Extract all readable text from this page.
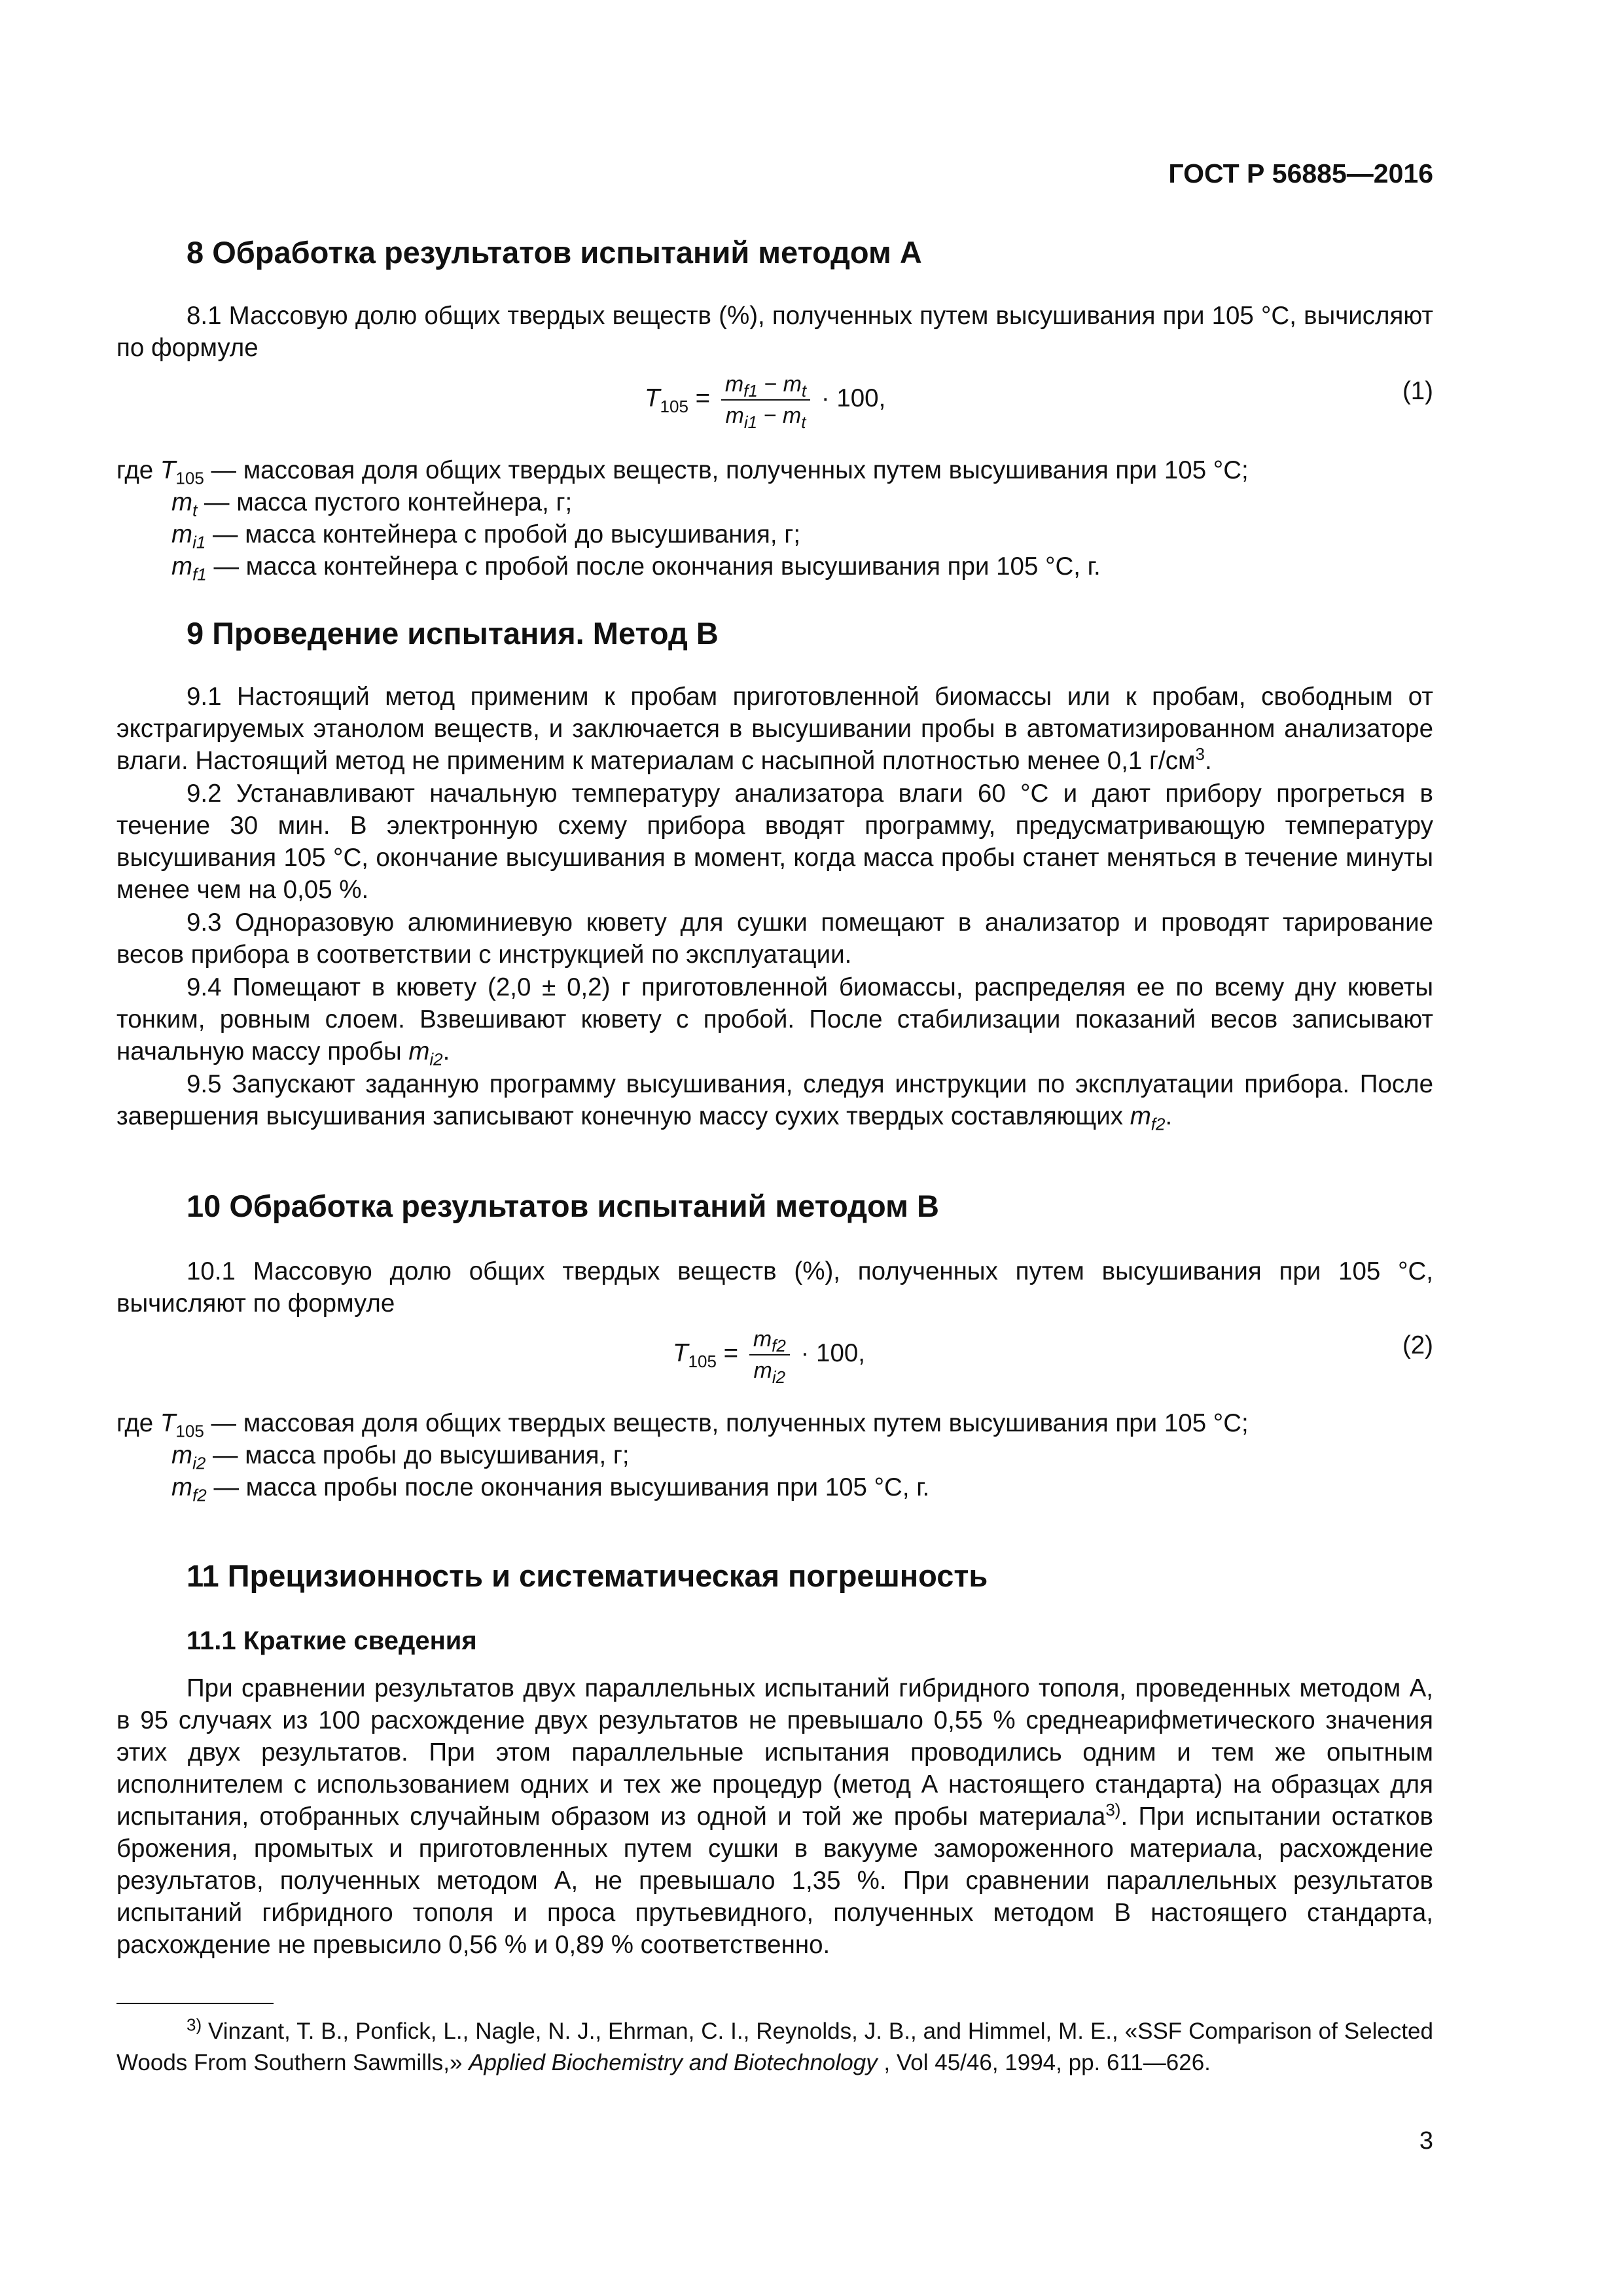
ГОСТ Р 56885—2016
8 Обработка результатов испытаний методом А

8.1 Массовую долю общих твердых веществ (%), полученных путем высушивания при 105 °С, вычисляют по формуле

$T_{105} = \frac{m_{f1} - m_t}{m_{i1} - m_t} \cdot 100$,	(1)
где $T_{105}$ — массовая доля общих твердых веществ, полученных путем высушивания при 105 °С;
$m_t$ — масса пустого контейнера, г;
$m_{i1}$ — масса контейнера с пробой до высушивания, г;
$m_{f1}$ — масса контейнера с пробой после окончания высушивания при 105 °С, г.
9 Проведение испытания. Метод В

9.1 Настоящий метод применим к пробам приготовленной биомассы или к пробам, свободным от экстрагируемых этанолом веществ, и заключается в высушивании пробы в автоматизированном анализаторе влаги. Настоящий метод не применим к материалам с насыпной плотностью менее 0,1 $г/см^3$.

9.2 Устанавливают начальную температуру анализатора влаги 60 °С и дают прибору прогреться в течение 30 мин. В электронную схему прибора вводят программу, предусматривающую температуру высушивания 105 °С, окончание высушивания в момент, когда масса пробы станет меняться в течение минуты менее чем на 0,05 %.

9.3 Одноразовую алюминиевую кювету для сушки помещают в анализатор и проводят тарирование весов прибора в соответствии с инструкцией по эксплуатации.

9.4 Помещают в кювету (2,0 ± 0,2) г приготовленной биомассы, распределяя ее по всему дну кюветы тонким, ровным слоем. Взвешивают кювету с пробой. После стабилизации показаний весов записывают начальную массу пробы $m_{i2}$.

9.5 Запускают заданную программу высушивания, следуя инструкции по эксплуатации прибора. После завершения высушивания записывают конечную массу сухих твердых составляющих $m_{f2}$.

10 Обработка результатов испытаний методом В

10.1 Массовую долю общих твердых веществ (%), полученных путем высушивания при 105 °С, вычисляют по формуле

$T_{105} = \frac{m_{f2}}{m_{i2}} \cdot 100$,	(2)
где $T_{105}$ — массовая доля общих твердых веществ, полученных путем высушивания при 105 °С;
$m_{i2}$ — масса пробы до высушивания, г;
$m_{f2}$ — масса пробы после окончания высушивания при 105 °С, г.
11 Прецизионность и систематическая погрешность
11.1 Краткие сведения

При сравнении результатов двух параллельных испытаний гибридного тополя, проведенных методом А, в 95 случаях из 100 расхождение двух результатов не превышало 0,55 % среднеарифметического значения этих двух результатов. При этом параллельные испытания проводились одним и тем же опытным исполнителем с использованием одних и тех же процедур (метод А настоящего стандарта) на образцах для испытания, отобранных случайным образом из одной и той же пробы материала$^{3)}$. При испытании остатков брожения, промытых и приготовленных путем сушки в вакууме замороженного материала, расхождение результатов, полученных методом А, не превышало 1,35 %. При сравнении параллельных результатов испытаний гибридного тополя и проса прутьевидного, полученных методом В настоящего стандарта, расхождение не превысило 0,56 % и 0,89 % соответственно.

$^{3)}$ Vinzant, T. B., Ponfick, L., Nagle, N. J., Ehrman, C. I., Reynolds, J. B., and Himmel, M. E., «SSF Comparison of Selected Woods From Southern Sawmills,» Applied Biochemistry and Biotechnology , Vol 45/46, 1994, pp. 611—626.

3
